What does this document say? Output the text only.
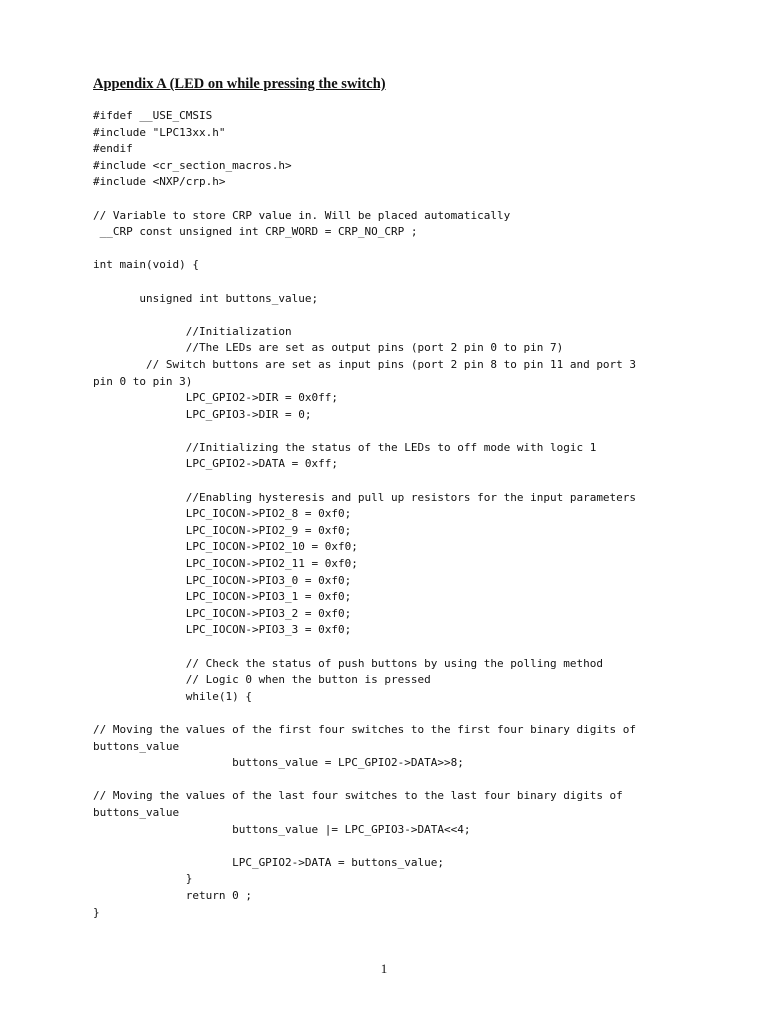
Appendix A (LED on while pressing the switch)
#ifdef __USE_CMSIS
#include "LPC13xx.h"
#endif
#include <cr_section_macros.h>
#include <NXP/crp.h>
// Variable to store CRP value in. Will be placed automatically
__CRP const unsigned int CRP_WORD = CRP_NO_CRP ;
int main(void) {
unsigned int buttons_value;
//Initialization
//The LEDs are set as output pins (port 2 pin 0 to pin 7)
// Switch buttons are set as input pins (port 2 pin 8 to pin 11 and port 3
pin 0 to pin 3)
LPC_GPIO2->DIR = 0x0ff;
LPC_GPIO3->DIR = 0;
//Initializing the status of the LEDs to off mode with logic 1
LPC_GPIO2->DATA = 0xff;
//Enabling hysteresis and pull up resistors for the input parameters
LPC_IOCON->PIO2_8 = 0xf0;
LPC_IOCON->PIO2_9 = 0xf0;
LPC_IOCON->PIO2_10 = 0xf0;
LPC_IOCON->PIO2_11 = 0xf0;
LPC_IOCON->PIO3_0 = 0xf0;
LPC_IOCON->PIO3_1 = 0xf0;
LPC_IOCON->PIO3_2 = 0xf0;
LPC_IOCON->PIO3_3 = 0xf0;
// Check the status of push buttons by using the polling method
// Logic 0 when the button is pressed
while(1) {
// Moving the values of the first four switches to the first four binary digits of
buttons_value
buttons_value = LPC_GPIO2->DATA>>8;
// Moving the values of the last four switches to the last four binary digits of
buttons_value
buttons_value |= LPC_GPIO3->DATA<<4;
LPC_GPIO2->DATA = buttons_value;
}
return 0 ;
}
1
